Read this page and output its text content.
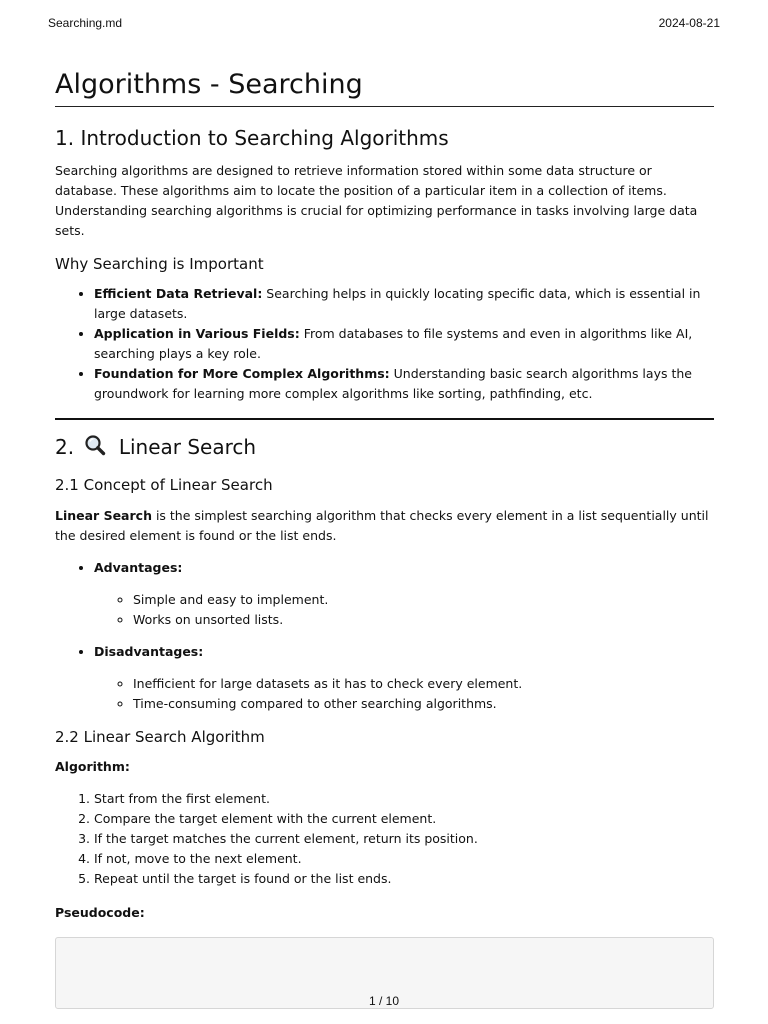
Searching.md	2024-08-21
Algorithms - Searching
1. Introduction to Searching Algorithms

Searching algorithms are designed to retrieve information stored within some data structure or database. These algorithms aim to locate the position of a particular item in a collection of items. Understanding searching algorithms is crucial for optimizing performance in tasks involving large data sets.

Why Searching is Important
• Efficient Data Retrieval: Searching helps in quickly locating specific data, which is essential in large datasets.
• Application in Various Fields: From databases to file systems and even in algorithms like AI, searching plays a key role.
• Foundation for More Complex Algorithms: Understanding basic search algorithms lays the groundwork for learning more complex algorithms like sorting, pathfinding, etc.
2. Linear Search
2.1 Concept of Linear Search

Linear Search is the simplest searching algorithm that checks every element in a list sequentially until the desired element is found or the list ends.

• Advantages:
◦ Simple and easy to implement.
◦ Works on unsorted lists.
• Disadvantages:
◦ Inefficient for large datasets as it has to check every element.
◦ Time-consuming compared to other searching algorithms.
2.2 Linear Search Algorithm

Algorithm:

1. Start from the first element.
2. Compare the target element with the current element.
3. If the target matches the current element, return its position.
4. If not, move to the next element.
5. Repeat until the target is found or the list ends.

Pseudocode:

1 / 10
